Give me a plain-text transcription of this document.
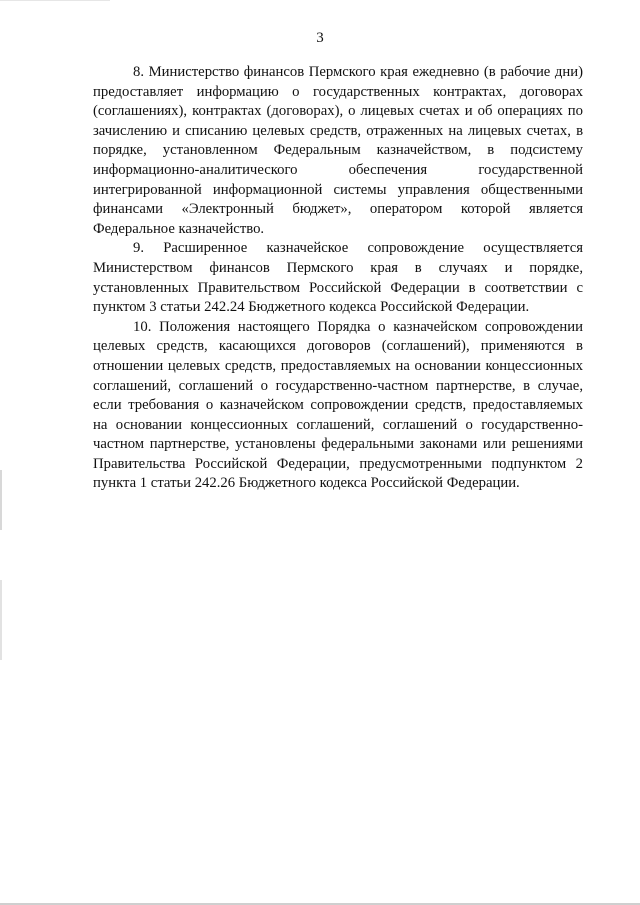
3

8. Министерство финансов Пермского края ежедневно (в рабочие дни) предоставляет информацию о государственных контрактах, договорах (соглашениях), контрактах (договорах), о лицевых счетах и об операциях по зачислению и списанию целевых средств, отраженных на лицевых счетах, в порядке, установленном Федеральным казначейством, в подсистему информационно-аналитического обеспечения государственной интегрированной информационной системы управления общественными финансами «Электронный бюджет», оператором которой является Федеральное казначейство.

9. Расширенное казначейское сопровождение осуществляется Министерством финансов Пермского края в случаях и порядке, установленных Правительством Российской Федерации в соответствии с пунктом 3 статьи 242.24 Бюджетного кодекса Российской Федерации.

10. Положения настоящего Порядка о казначейском сопровождении целевых средств, касающихся договоров (соглашений), применяются в отношении целевых средств, предоставляемых на основании концессионных соглашений, соглашений о государственно-частном партнерстве, в случае, если требования о казначейском сопровождении средств, предоставляемых на основании концессионных соглашений, соглашений о государственно-частном партнерстве, установлены федеральными законами или решениями Правительства Российской Федерации, предусмотренными подпунктом 2 пункта 1 статьи 242.26 Бюджетного кодекса Российской Федерации.
